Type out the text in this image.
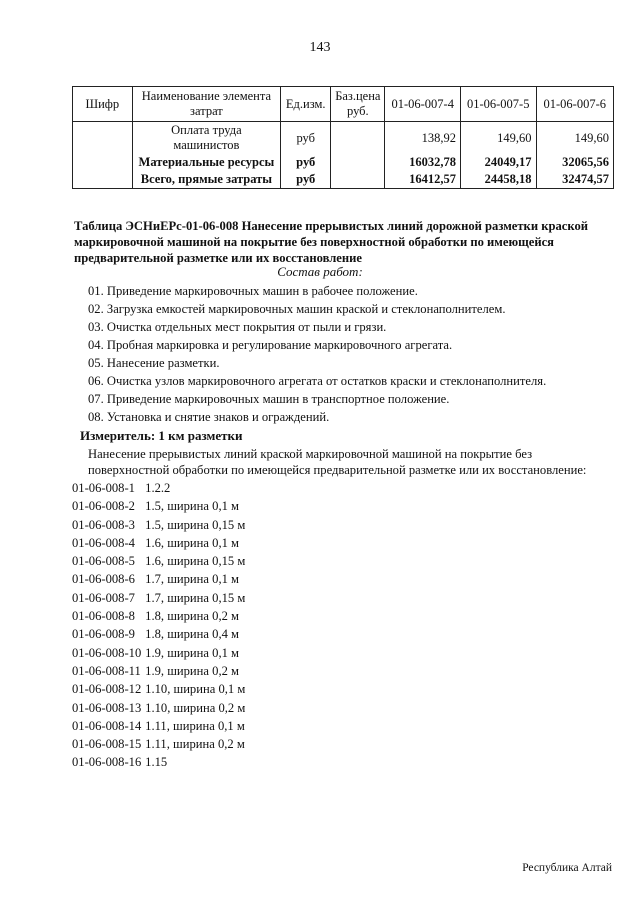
143
Шифр	Наименование элемента затрат	Ед.изм.	Баз.цена руб.	01-06-007-4	01-06-007-5	01-06-007-6
	Оплата труда машинистов	руб		138,92	149,60	149,60
	Материальные ресурсы	руб		16032,78	24049,17	32065,56
	Всего, прямые затраты	руб		16412,57	24458,18	32474,57
Таблица ЭСНиЕРс-01-06-008 Нанесение прерывистых линий дорожной разметки краской маркировочной машиной на покрытие без поверхностной обработки по имеющейся предварительной разметке или их восстановление
Состав работ:
01. Приведение маркировочных машин в рабочее положение.
02. Загрузка емкостей маркировочных машин краской и стеклонаполнителем.
03. Очистка отдельных мест покрытия от пыли и грязи.
04. Пробная маркировка и регулирование маркировочного агрегата.
05. Нанесение разметки.
06. Очистка узлов маркировочного агрегата от остатков краски и стеклонаполнителя.
07. Приведение маркировочных машин в транспортное положение.
08. Установка и снятие знаков и ограждений.
Измеритель: 1 км разметки
Нанесение прерывистых линий краской маркировочной машиной на покрытие без поверхностной обработки по имеющейся предварительной разметке или их восстановление:
01-06-008-1 1.2.2
01-06-008-2 1.5, ширина 0,1 м
01-06-008-3 1.5, ширина 0,15 м
01-06-008-4 1.6, ширина 0,1 м
01-06-008-5 1.6, ширина 0,15 м
01-06-008-6 1.7, ширина 0,1 м
01-06-008-7 1.7, ширина 0,15 м
01-06-008-8 1.8, ширина 0,2 м
01-06-008-9 1.8, ширина 0,4 м
01-06-008-10 1.9, ширина 0,1 м
01-06-008-11 1.9, ширина 0,2 м
01-06-008-12 1.10, ширина 0,1 м
01-06-008-13 1.10, ширина 0,2 м
01-06-008-14 1.11, ширина 0,1 м
01-06-008-15 1.11, ширина 0,2 м
01-06-008-16 1.15
Республика Алтай
